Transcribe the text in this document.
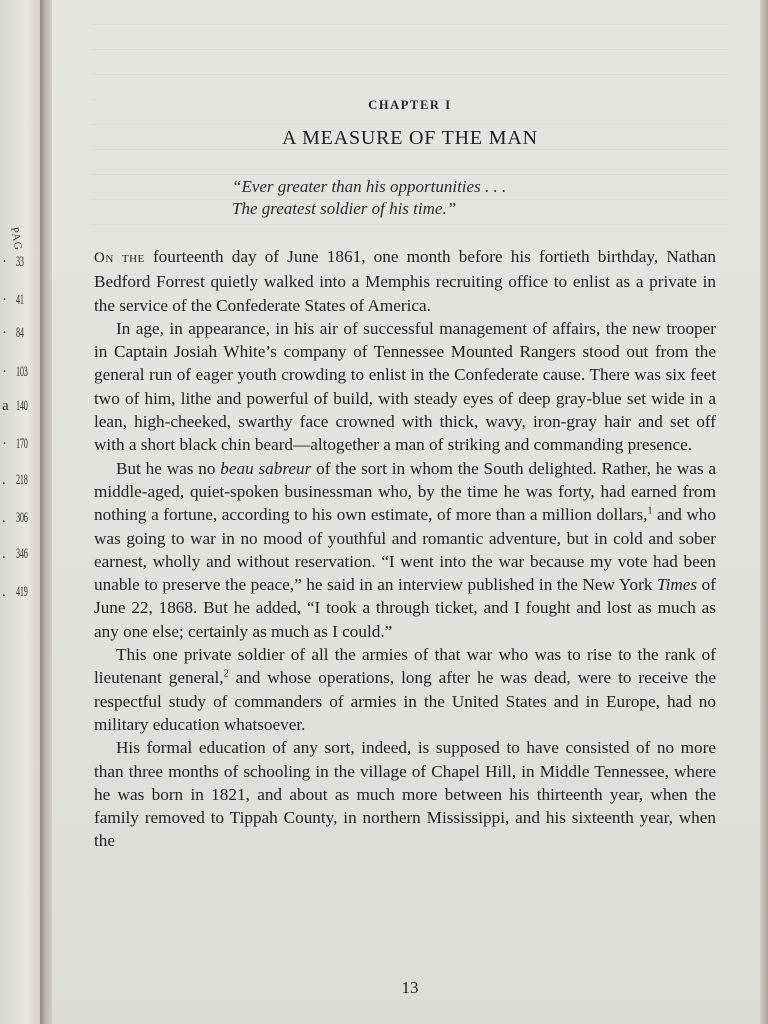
PAG
· 33
· 41
· 84
· 103
a 140
· 170
. 218
. 306
. 346
. 419
CHAPTER I
A MEASURE OF THE MAN
“Ever greater than his opportunities . . .
The greatest soldier of his time.”

On the fourteenth day of June 1861, one month before his fortieth birthday, Nathan Bedford Forrest quietly walked into a Memphis recruiting office to enlist as a private in the service of the Confederate States of America.

In age, in appearance, in his air of successful management of affairs, the new trooper in Captain Josiah White’s company of Tennessee Mounted Rangers stood out from the general run of eager youth crowding to enlist in the Confederate cause. There was six feet two of him, lithe and powerful of build, with steady eyes of deep gray-blue set wide in a lean, high-cheeked, swarthy face crowned with thick, wavy, iron-gray hair and set off with a short black chin beard—altogether a man of striking and commanding presence.

But he was no beau sabreur of the sort in whom the South delighted. Rather, he was a middle-aged, quiet-spoken businessman who, by the time he was forty, had earned from nothing a fortune, according to his own estimate, of more than a million dollars,$^1$ and who was going to war in no mood of youthful and romantic adventure, but in cold and sober earnest, wholly and without reservation. “I went into the war because my vote had been unable to preserve the peace,” he said in an interview published in the New York Times of June 22, 1868. But he added, “I took a through ticket, and I fought and lost as much as any one else; certainly as much as I could.”

This one private soldier of all the armies of that war who was to rise to the rank of lieutenant general,$^2$ and whose operations, long after he was dead, were to receive the respectful study of commanders of armies in the United States and in Europe, had no military education whatsoever.

His formal education of any sort, indeed, is supposed to have consisted of no more than three months of schooling in the village of Chapel Hill, in Middle Tennessee, where he was born in 1821, and about as much more between his thirteenth year, when the family removed to Tippah County, in northern Mississippi, and his sixteenth year, when the

13
